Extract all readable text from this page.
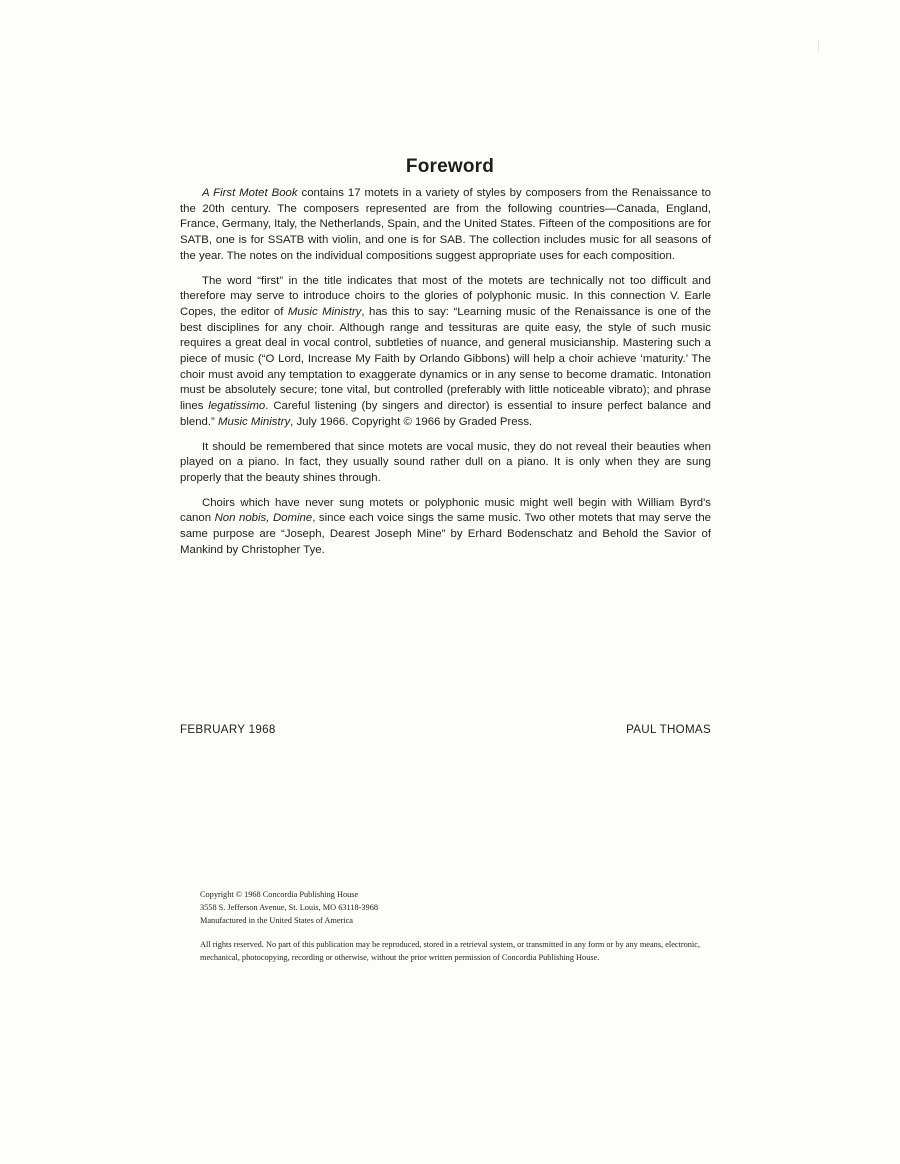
Foreword

A First Motet Book contains 17 motets in a variety of styles by composers from the Renaissance to the 20th century. The composers represented are from the following countries—Canada, England, France, Germany, Italy, the Netherlands, Spain, and the United States. Fifteen of the compositions are for SATB, one is for SSATB with violin, and one is for SAB. The collection includes music for all seasons of the year. The notes on the individual compositions suggest appropriate uses for each composition.

The word “first” in the title indicates that most of the motets are technically not too difficult and therefore may serve to introduce choirs to the glories of polyphonic music. In this connection V. Earle Copes, the editor of Music Ministry, has this to say: “Learning music of the Renaissance is one of the best disciplines for any choir. Although range and tessituras are quite easy, the style of such music requires a great deal in vocal control, subtleties of nuance, and general musicianship. Mastering such a piece of music (“O Lord, Increase My Faith by Orlando Gibbons) will help a choir achieve ‘maturity.’ The choir must avoid any temptation to exaggerate dynamics or in any sense to become dramatic. Intonation must be absolutely secure; tone vital, but controlled (preferably with little noticeable vibrato); and phrase lines legatissimo. Careful listening (by singers and director) is essential to insure perfect balance and blend.” Music Ministry, July 1966. Copyright © 1966 by Graded Press.

It should be remembered that since motets are vocal music, they do not reveal their beauties when played on a piano. In fact, they usually sound rather dull on a piano. It is only when they are sung properly that the beauty shines through.

Choirs which have never sung motets or polyphonic music might well begin with William Byrd's canon Non nobis, Domine, since each voice sings the same music. Two other motets that may serve the same purpose are “Joseph, Dearest Joseph Mine” by Erhard Bodenschatz and Behold the Savior of Mankind by Christopher Tye.

FEBRUARY 1968	PAUL THOMAS
Copyright © 1968 Concordia Publishing House
3558 S. Jefferson Avenue, St. Louis, MO 63118-3968
Manufactured in the United States of America
All rights reserved. No part of this publication may be reproduced, stored in a retrieval system, or transmitted in any form or by any means, electronic, mechanical, photocopying, recording or otherwise, without the prior written permission of Concordia Publishing House.
